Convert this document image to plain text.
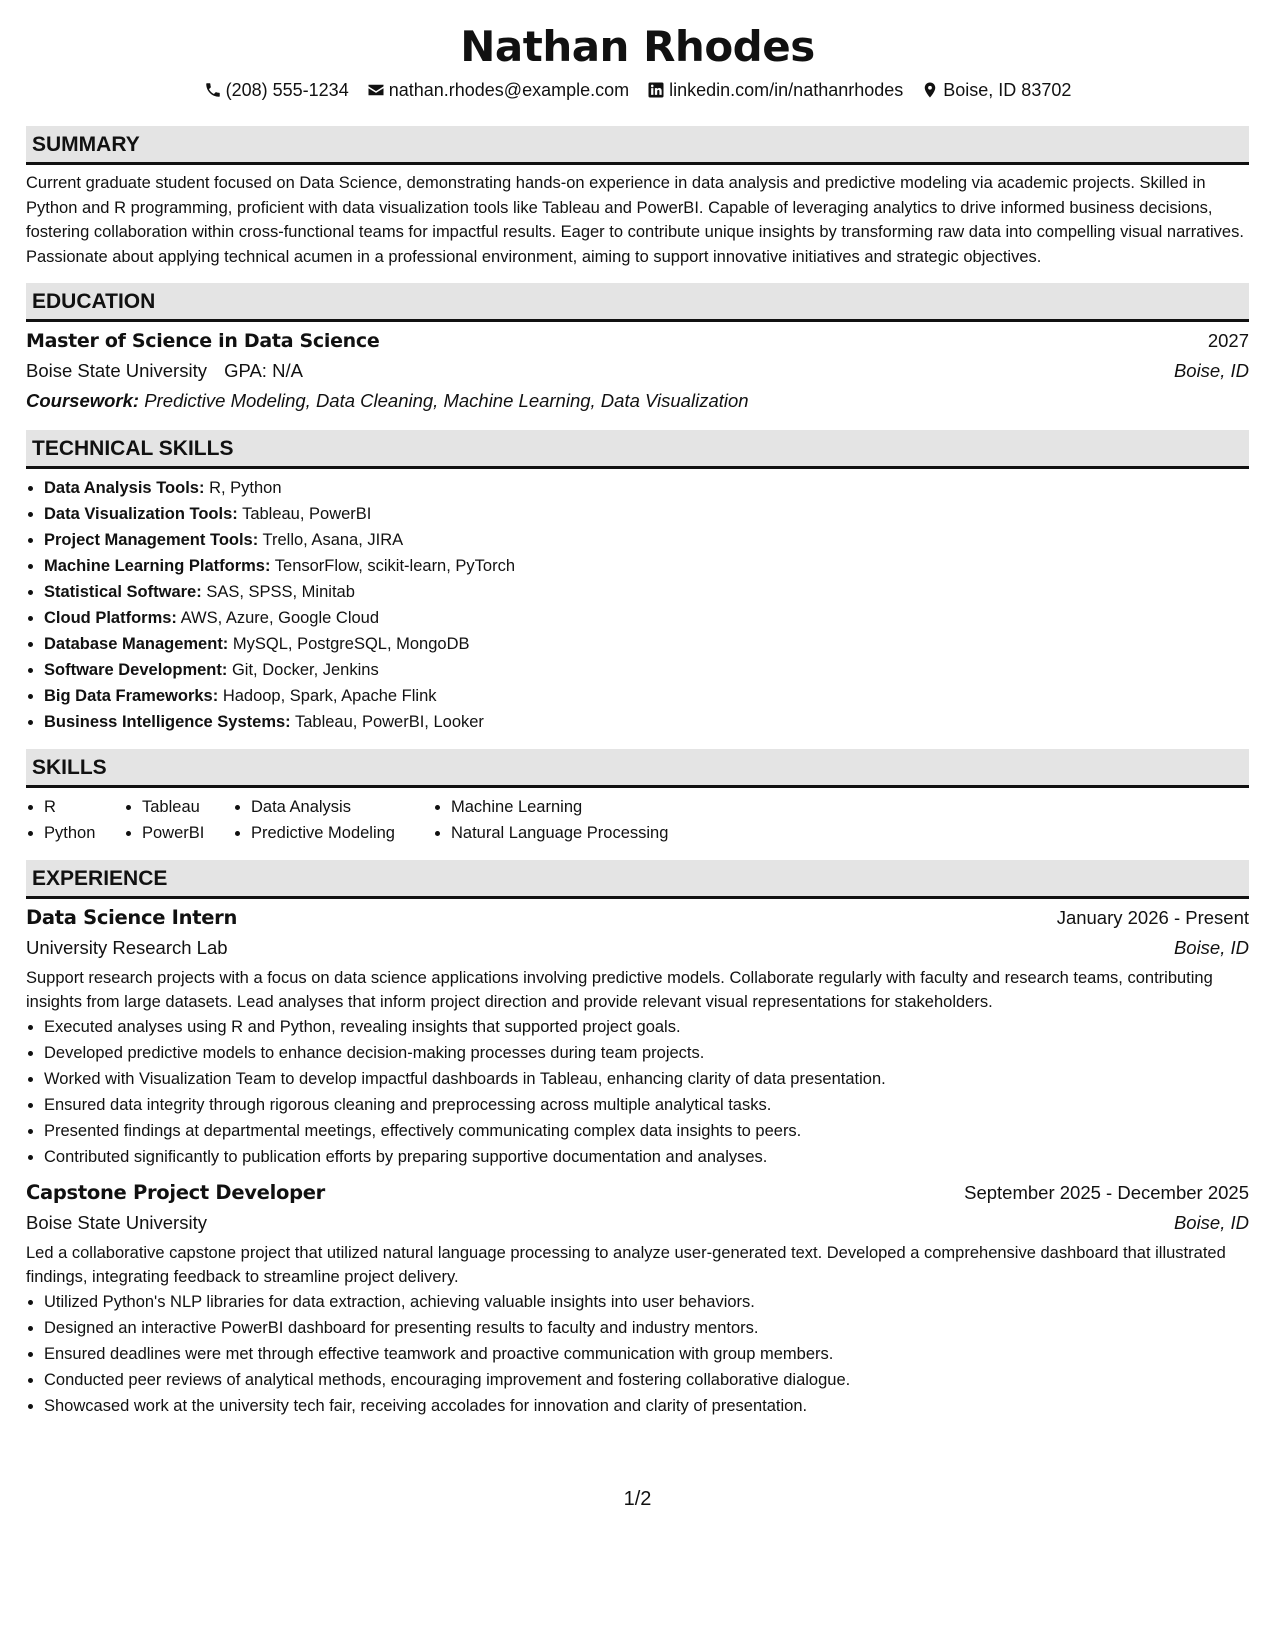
Nathan Rhodes
(208) 555-1234 nathan.rhodes@example.com linkedin.com/in/nathanrhodes Boise, ID 83702
SUMMARY
Current graduate student focused on Data Science, demonstrating hands-on experience in data analysis and predictive modeling via academic projects. Skilled in Python and R programming, proficient with data visualization tools like Tableau and PowerBI. Capable of leveraging analytics to drive informed business decisions, fostering collaboration within cross-functional teams for impactful results. Eager to contribute unique insights by transforming raw data into compelling visual narratives. Passionate about applying technical acumen in a professional environment, aiming to support innovative initiatives and strategic objectives.
EDUCATION
Master of Science in Data Science	2027
Boise State University GPA: N/A	Boise, ID
Coursework: Predictive Modeling, Data Cleaning, Machine Learning, Data Visualization
TECHNICAL SKILLS
• Data Analysis Tools: R, Python
• Data Visualization Tools: Tableau, PowerBI
• Project Management Tools: Trello, Asana, JIRA
• Machine Learning Platforms: TensorFlow, scikit-learn, PyTorch
• Statistical Software: SAS, SPSS, Minitab
• Cloud Platforms: AWS, Azure, Google Cloud
• Database Management: MySQL, PostgreSQL, MongoDB
• Software Development: Git, Docker, Jenkins
• Big Data Frameworks: Hadoop, Spark, Apache Flink
• Business Intelligence Systems: Tableau, PowerBI, Looker
SKILLS
• R
• Python
• Tableau
• PowerBI
• Data Analysis
• Predictive Modeling
• Machine Learning
• Natural Language Processing
EXPERIENCE
Data Science Intern	January 2026 - Present
University Research Lab	Boise, ID
Support research projects with a focus on data science applications involving predictive models. Collaborate regularly with faculty and research teams, contributing insights from large datasets. Lead analyses that inform project direction and provide relevant visual representations for stakeholders.
• Executed analyses using R and Python, revealing insights that supported project goals.
• Developed predictive models to enhance decision-making processes during team projects.
• Worked with Visualization Team to develop impactful dashboards in Tableau, enhancing clarity of data presentation.
• Ensured data integrity through rigorous cleaning and preprocessing across multiple analytical tasks.
• Presented findings at departmental meetings, effectively communicating complex data insights to peers.
• Contributed significantly to publication efforts by preparing supportive documentation and analyses.
Capstone Project Developer	September 2025 - December 2025
Boise State University	Boise, ID
Led a collaborative capstone project that utilized natural language processing to analyze user-generated text. Developed a comprehensive dashboard that illustrated findings, integrating feedback to streamline project delivery.
• Utilized Python's NLP libraries for data extraction, achieving valuable insights into user behaviors.
• Designed an interactive PowerBI dashboard for presenting results to faculty and industry mentors.
• Ensured deadlines were met through effective teamwork and proactive communication with group members.
• Conducted peer reviews of analytical methods, encouraging improvement and fostering collaborative dialogue.
• Showcased work at the university tech fair, receiving accolades for innovation and clarity of presentation.
1/2
